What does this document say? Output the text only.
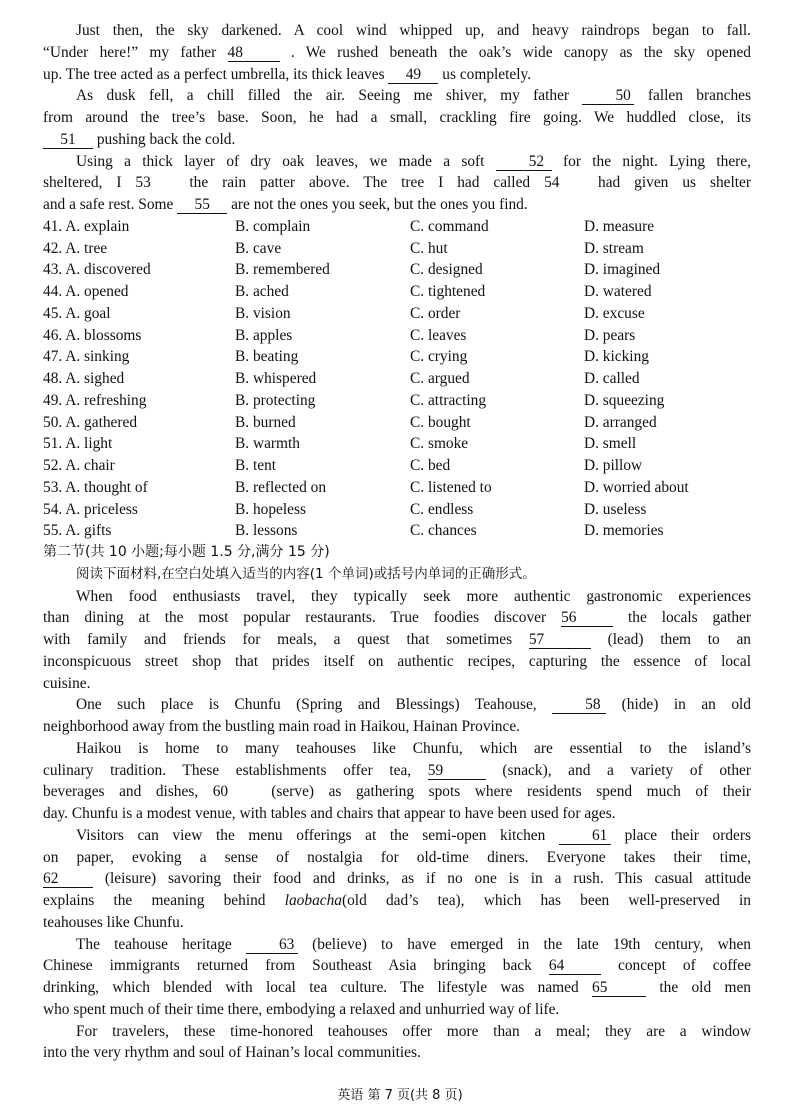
Just then, the sky darkened. A cool wind whipped up, and heavy raindrops began to fall.
“Under here!” my father 48	. We rushed beneath the oak’s wide canopy as the sky opened
up. The tree acted as a perfect umbrella, its thick leaves 49 us completely.
As dusk fell, a chill filled the air. Seeing me shiver, my father	50 fallen branches
from around the tree’s base. Soon, he had a small, crackling fire going. We huddled close, its
51 pushing back the cold.
Using a thick layer of dry oak leaves, we made a soft	52 for the night. Lying there,
sheltered, I 53	the rain patter above. The tree I had called 54	had given us shelter
and a safe rest. Some 55 are not the ones you seek, but the ones you find.
41. A. explain	B. complain	C. command	D. measure
42. A. tree	B. cave	C. hut	D. stream
43. A. discovered	B. remembered	C. designed	D. imagined
44. A. opened	B. ached	C. tightened	D. watered
45. A. goal	B. vision	C. order	D. excuse
46. A. blossoms	B. apples	C. leaves	D. pears
47. A. sinking	B. beating	C. crying	D. kicking
48. A. sighed	B. whispered	C. argued	D. called
49. A. refreshing	B. protecting	C. attracting	D. squeezing
50. A. gathered	B. burned	C. bought	D. arranged
51. A. light	B. warmth	C. smoke	D. smell
52. A. chair	B. tent	C. bed	D. pillow
53. A. thought of	B. reflected on	C. listened to	D. worried about
54. A. priceless	B. hopeless	C. endless	D. useless
55. A. gifts	B. lessons	C. chances	D. memories
第二节(共 10 小题;每小题 1.5 分,满分 15 分)
阅读下面材料,在空白处填入适当的内容(1 个单词)或括号内单词的正确形式。
When food enthusiasts travel, they typically seek more authentic gastronomic experiences
than dining at the most popular restaurants. True foodies discover 56	the locals gather
with family and friends for meals, a quest that sometimes 57	(lead) them to an
inconspicuous street shop that prides itself on authentic recipes, capturing the essence of local
cuisine.
One such place is Chunfu (Spring and Blessings) Teahouse,	58 (hide) in an old
neighborhood away from the bustling main road in Haikou, Hainan Province.
Haikou is home to many teahouses like Chunfu, which are essential to the island’s
culinary tradition. These establishments offer tea, 59	(snack), and a variety of other
beverages and dishes, 60	(serve) as gathering spots where residents spend much of their
day. Chunfu is a modest venue, with tables and chairs that appear to have been used for ages.
Visitors can view the menu offerings at the semi-open kitchen	61 place their orders
on paper, evoking a sense of nostalgia for old-time diners. Everyone takes their time,
62	(leisure) savoring their food and drinks, as if no one is in a rush. This casual attitude
explains the meaning behind laobacha(old dad’s tea), which has been well-preserved in
teahouses like Chunfu.
The teahouse heritage	63 (believe) to have emerged in the late 19th century, when
Chinese immigrants returned from Southeast Asia bringing back 64	concept of coffee
drinking, which blended with local tea culture. The lifestyle was named 65	the old men
who spent much of their time there, embodying a relaxed and unhurried way of life.
For travelers, these time-honored teahouses offer more than a meal; they are a window
into the very rhythm and soul of Hainan’s local communities.
英语 第 7 页(共 8 页)
